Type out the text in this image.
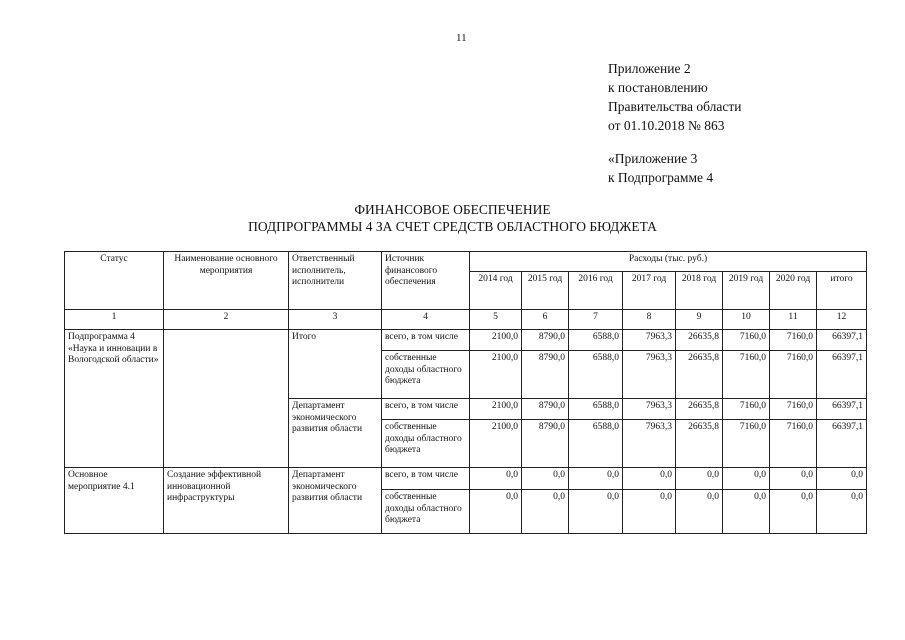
11
Приложение 2
к постановлению
Правительства области
от 01.10.2018 № 863
«Приложение 3
к Подпрограмме 4
ФИНАНСОВОЕ ОБЕСПЕЧЕНИЕ
ПОДПРОГРАММЫ 4 ЗА СЧЕТ СРЕДСТВ ОБЛАСТНОГО БЮДЖЕТА
Статус	Наименование основного мероприятия	Ответственный исполнитель, исполнители	Источник финансового обеспечения	Расходы (тыс. руб.)							
				2014 год	2015 год	2016 год	2017 год	2018 год	2019 год	2020 год	итого
1	2	3	4	5	6	7	8	9	10	11	12
Подпрограмма 4 «Наука и инновации в Вологодской области»		Итого	всего, в том числе	2100,0	8790,0	6588,0	7963,3	26635,8	7160,0	7160,0	66397,1
			собственные доходы областного бюджета	2100,0	8790,0	6588,0	7963,3	26635,8	7160,0	7160,0	66397,1
		Департамент экономического развития области	всего, в том числе	2100,0	8790,0	6588,0	7963,3	26635,8	7160,0	7160,0	66397,1
			собственные доходы областного бюджета	2100,0	8790,0	6588,0	7963,3	26635,8	7160,0	7160,0	66397,1
Основное мероприятие 4.1	Создание эффективной инновационной инфраструктуры	Департамент экономического развития области	всего, в том числе	0,0	0,0	0,0	0,0	0,0	0,0	0,0	0,0
			собственные доходы областного бюджета	0,0	0,0	0,0	0,0	0,0	0,0	0,0	0,0
